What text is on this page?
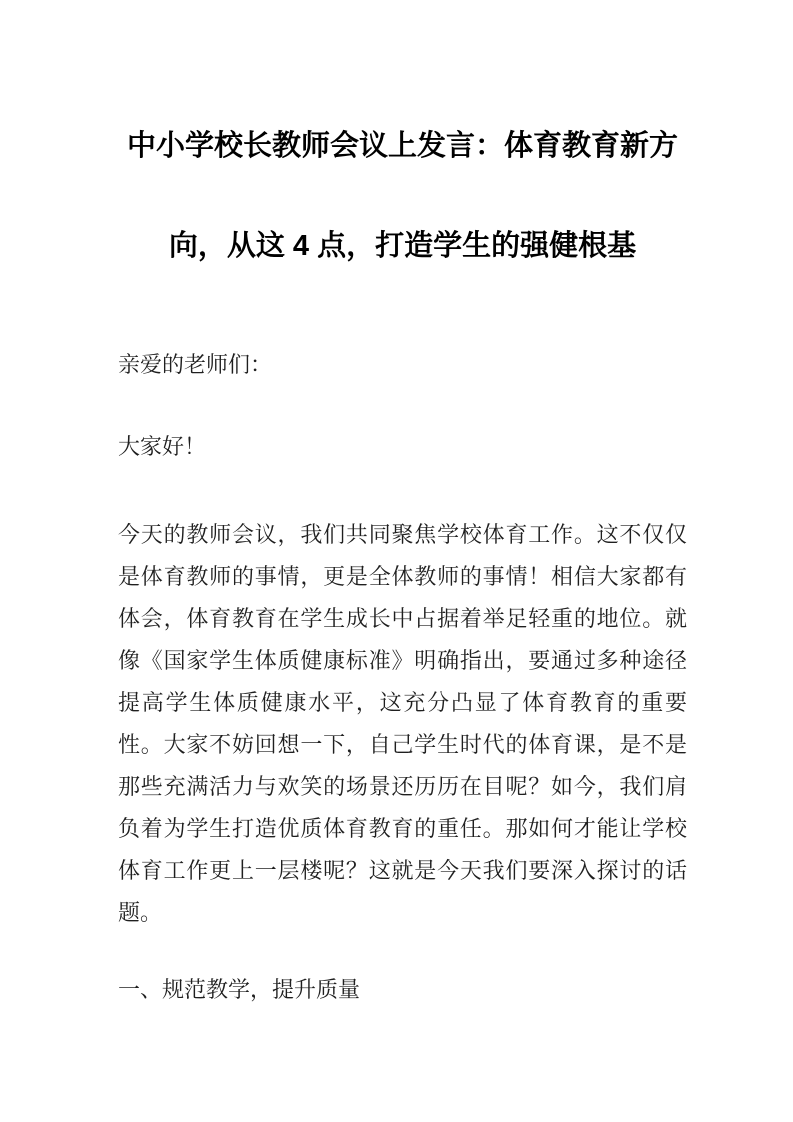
中小学校长教师会议上发言：体育教育新方
向，从这 4 点，打造学生的强健根基

亲爱的老师们：

大家好！

今天的教师会议，我们共同聚焦学校体育工作。这不仅仅是体育教师的事情，更是全体教师的事情！相信大家都有体会，体育教育在学生成长中占据着举足轻重的地位。就像《国家学生体质健康标准》明确指出，要通过多种途径提高学生体质健康水平，这充分凸显了体育教育的重要性。大家不妨回想一下，自己学生时代的体育课，是不是那些充满活力与欢笑的场景还历历在目呢？如今，我们肩负着为学生打造优质体育教育的重任。那如何才能让学校体育工作更上一层楼呢？这就是今天我们要深入探讨的话题。

一、规范教学，提升质量
